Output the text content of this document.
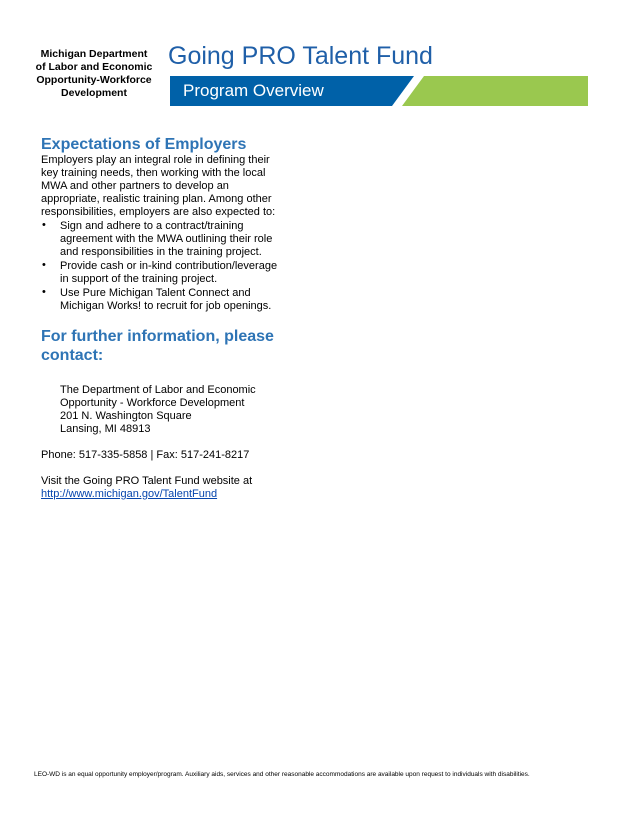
Michigan Department
of Labor and Economic
Opportunity-Workforce
Development
Going PRO Talent Fund
Program Overview
Expectations of Employers
Employers play an integral role in defining their
key training needs, then working with the local
MWA and other partners to develop an
appropriate, realistic training plan. Among other
responsibilities, employers are also expected to:
• Sign and adhere to a contract/training
agreement with the MWA outlining their role
and responsibilities in the training project.
• Provide cash or in-kind contribution/leverage
in support of the training project.
• Use Pure Michigan Talent Connect and
Michigan Works! to recruit for job openings.
For further information, please
contact:
The Department of Labor and Economic
Opportunity - Workforce Development
201 N. Washington Square
Lansing, MI 48913
Phone: 517-335-5858 | Fax: 517-241-8217
Visit the Going PRO Talent Fund website at
http://www.michigan.gov/TalentFund
LEO-WD is an equal opportunity employer/program. Auxiliary aids, services and other reasonable accommodations are available upon request to individuals with disabilities.
